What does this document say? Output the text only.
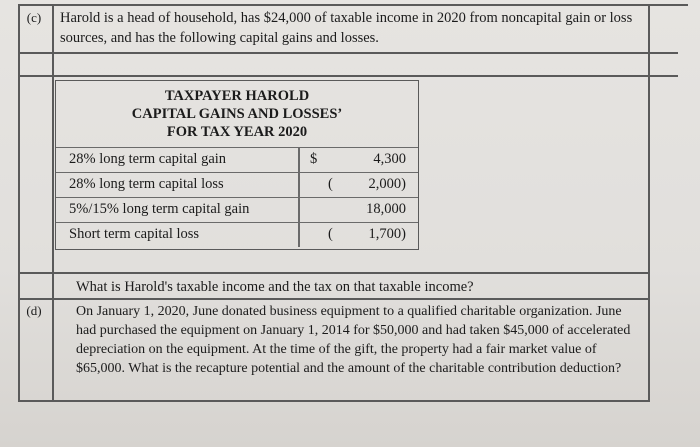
(c)	Harold is a head of household, has $24,000 of taxable income in 2020 from noncapital gain or loss sources, and has the following capital gains and losses.
TAXPAYER HAROLD
CAPITAL GAINS AND LOSSES’
FOR TAX YEAR 2020
28% long term capital gain	$	4,300
28% long term capital loss	( 2,000)
5%/15% long term capital gain	18,000
Short term capital loss	( 1,700)
What is Harold's taxable income and the tax on that taxable income?
(d)	On January 1, 2020, June donated business equipment to a qualified charitable organization. June had purchased the equipment on January 1, 2014 for $50,000 and had taken $45,000 of accelerated depreciation on the equipment. At the time of the gift, the property had a fair market value of $65,000. What is the recapture potential and the amount of the charitable contribution deduction?
